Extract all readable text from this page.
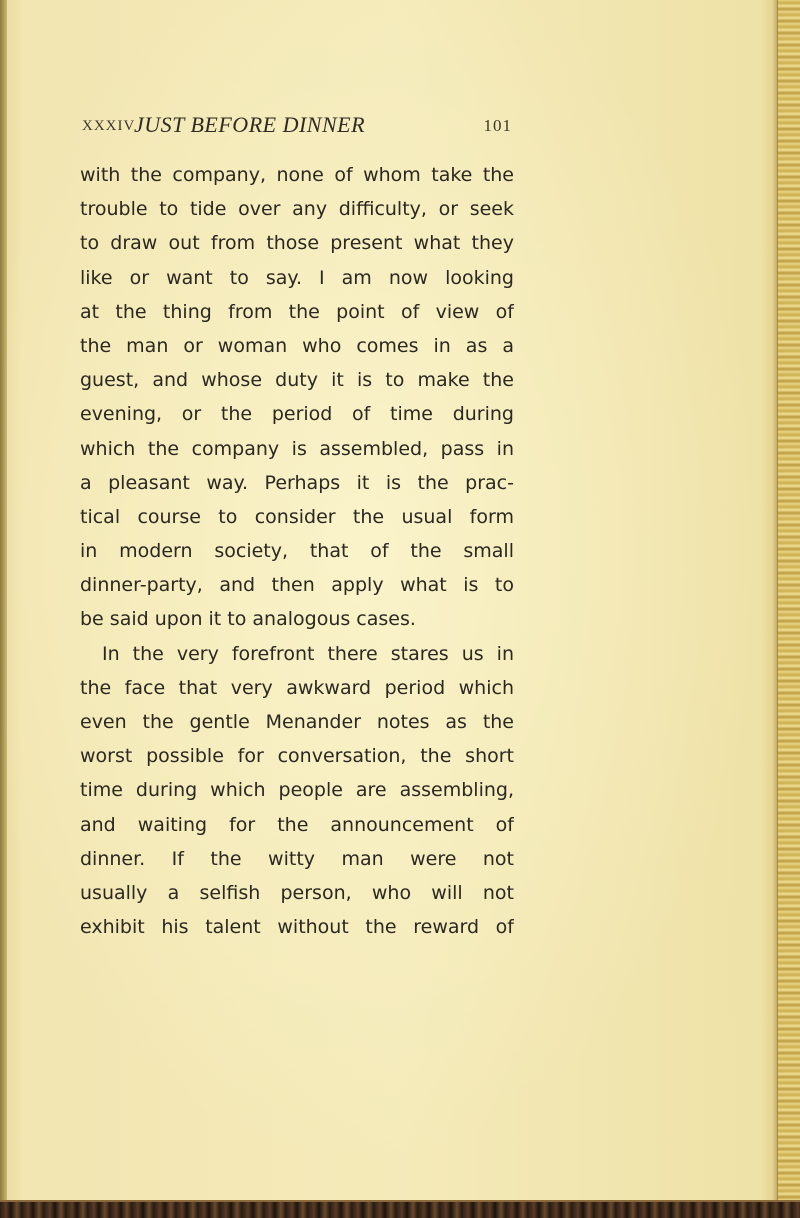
XXXIV
JUST BEFORE DINNER	101
with the company, none of whom take the
trouble to tide over any difficulty, or seek
to draw out from those present what they
like or want to say. I am now looking
at the thing from the point of view of
the man or woman who comes in as a
guest, and whose duty it is to make the
evening, or the period of time during
which the company is assembled, pass in
a pleasant way. Perhaps it is the prac-
tical course to consider the usual form
in modern society, that of the small
dinner-party, and then apply what is to
be said upon it to analogous cases.
In the very forefront there stares us in
the face that very awkward period which
even the gentle Menander notes as the
worst possible for conversation, the short
time during which people are assembling,
and waiting for the announcement of
dinner. If the witty man were not
usually a selfish person, who will not
exhibit his talent without the reward of
